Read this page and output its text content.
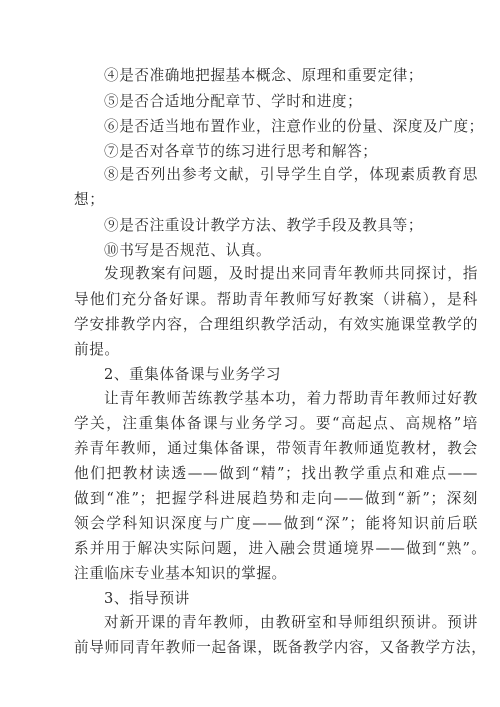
④是否准确地把握基本概念、原理和重要定律；
⑤是否合适地分配章节、学时和进度；
⑥是否适当地布置作业，注意作业的份量、深度及广度；
⑦是否对各章节的练习进行思考和解答；
⑧是否列出参考文献，引导学生自学，体现素质教育思
想；
⑨是否注重设计教学方法、教学手段及教具等；
⑩书写是否规范、认真。
发现教案有问题，及时提出来同青年教师共同探讨，指
导他们充分备好课。帮助青年教师写好教案（讲稿），是科
学安排教学内容，合理组织教学活动，有效实施课堂教学的
前提。
2、重集体备课与业务学习
让青年教师苦练教学基本功，着力帮助青年教师过好教
学关，注重集体备课与业务学习。要“高起点、高规格”培
养青年教师，通过集体备课，带领青年教师通览教材，教会
他们把教材读透——做到“精”；找出教学重点和难点——
做到“准”；把握学科进展趋势和走向——做到“新”；深刻
领会学科知识深度与广度——做到“深”；能将知识前后联
系并用于解决实际问题，进入融会贯通境界——做到“熟”。
注重临床专业基本知识的掌握。
3、指导预讲
对新开课的青年教师，由教研室和导师组织预讲。预讲
前导师同青年教师一起备课，既备教学内容，又备教学方法，
